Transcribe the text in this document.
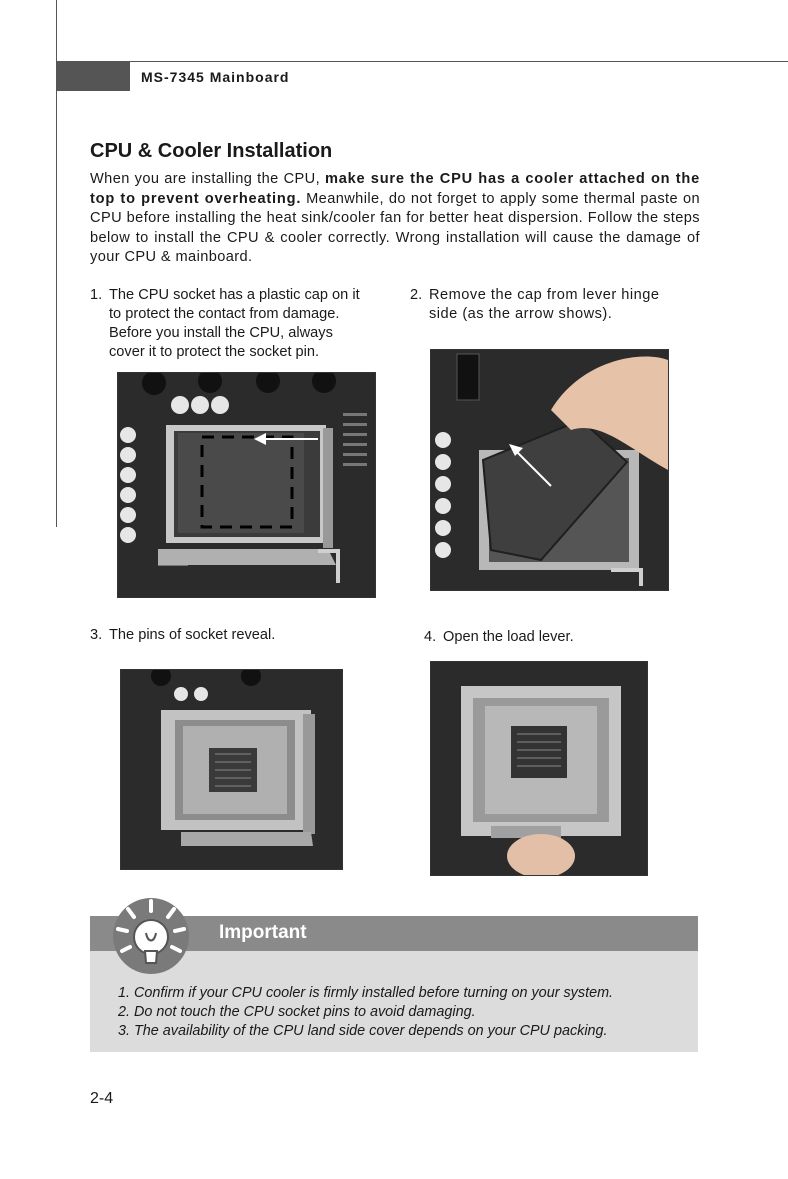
MS-7345 Mainboard
CPU & Cooler Installation

When you are installing the CPU, make sure the CPU has a cooler attached on the top to prevent overheating. Meanwhile, do not forget to apply some thermal paste on CPU before installing the heat sink/cooler fan for better heat dispersion. Follow the steps below to install the CPU & cooler correctly. Wrong installation will cause the damage of your CPU & mainboard.

1. The CPU socket has a plastic cap on it to protect the contact from damage. Before you install the CPU, always cover it to protect the socket pin.
2. Remove the cap from lever hinge side (as the arrow shows).
3. The pins of socket reveal.	4. Open the load lever.
Important
1. Confirm if your CPU cooler is firmly installed before turning on your system.
2. Do not touch the CPU socket pins to avoid damaging.
3. The availability of the CPU land side cover depends on your CPU packing.
2-4
